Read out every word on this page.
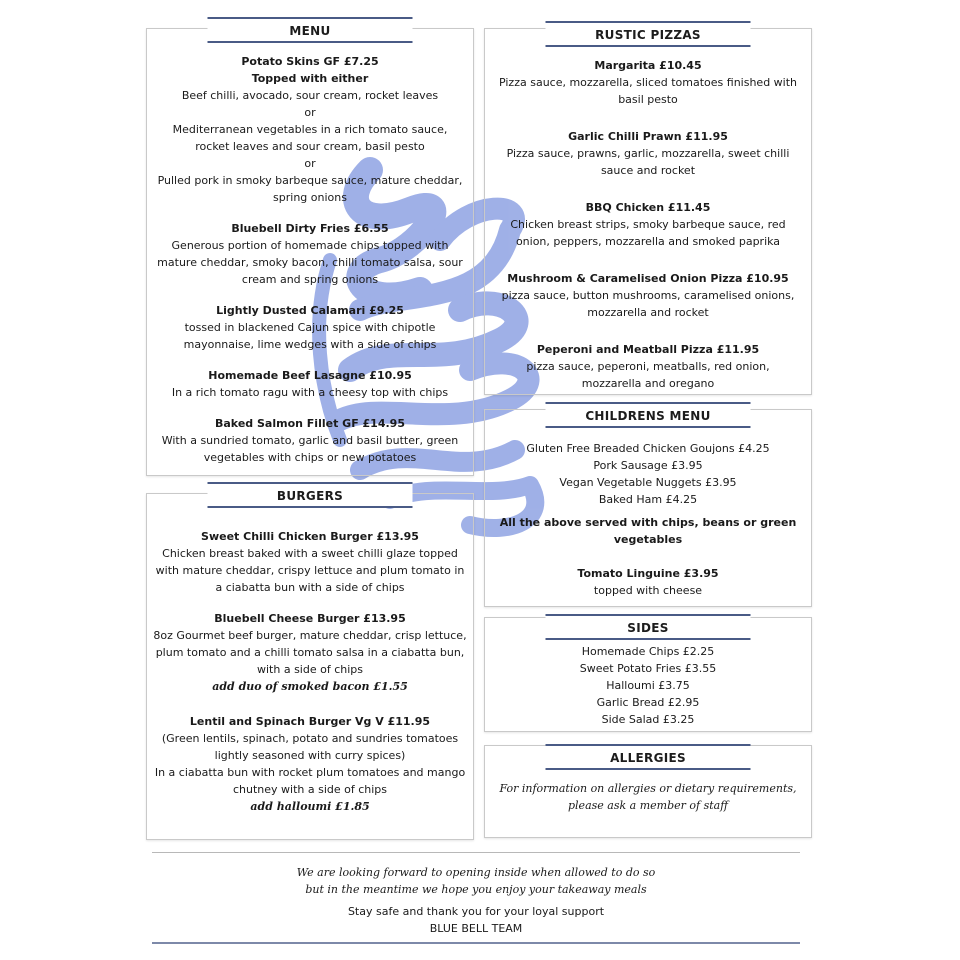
MENU
Potato Skins GF £7.25
Topped with either
Beef chilli, avocado, sour cream, rocket leaves
or
Mediterranean vegetables in a rich tomato sauce,
rocket leaves and sour cream, basil pesto
or
Pulled pork in smoky barbeque sauce, mature cheddar,
spring onions
Bluebell Dirty Fries £6.55
Generous portion of homemade chips topped with
mature cheddar, smoky bacon, chilli tomato salsa, sour
cream and spring onions
Lightly Dusted Calamari £9.25
tossed in blackened Cajun spice with chipotle
mayonnaise, lime wedges with a side of chips
Homemade Beef Lasagne £10.95
In a rich tomato ragu with a cheesy top with chips
Baked Salmon Fillet GF £14.95
With a sundried tomato, garlic and basil butter, green
vegetables with chips or new potatoes
BURGERS
Sweet Chilli Chicken Burger £13.95
Chicken breast baked with a sweet chilli glaze topped
with mature cheddar, crispy lettuce and plum tomato in
a ciabatta bun with a side of chips
Bluebell Cheese Burger £13.95
8oz Gourmet beef burger, mature cheddar, crisp lettuce,
plum tomato and a chilli tomato salsa in a ciabatta bun,
with a side of chips
add duo of smoked bacon £1.55
Lentil and Spinach Burger Vg V £11.95
(Green lentils, spinach, potato and sundries tomatoes
lightly seasoned with curry spices)
In a ciabatta bun with rocket plum tomatoes and mango
chutney with a side of chips
add halloumi £1.85
RUSTIC PIZZAS
Margarita £10.45
Pizza sauce, mozzarella, sliced tomatoes finished with
basil pesto
Garlic Chilli Prawn £11.95
Pizza sauce, prawns, garlic, mozzarella, sweet chilli
sauce and rocket
BBQ Chicken £11.45
Chicken breast strips, smoky barbeque sauce, red
onion, peppers, mozzarella and smoked paprika
Mushroom & Caramelised Onion Pizza £10.95
pizza sauce, button mushrooms, caramelised onions,
mozzarella and rocket
Peperoni and Meatball Pizza £11.95
pizza sauce, peperoni, meatballs, red onion,
mozzarella and oregano
CHILDRENS MENU
Gluten Free Breaded Chicken Goujons £4.25
Pork Sausage £3.95
Vegan Vegetable Nuggets £3.95
Baked Ham £4.25
All the above served with chips, beans or green
vegetables
Tomato Linguine £3.95
topped with cheese
SIDES
Homemade Chips £2.25
Sweet Potato Fries £3.55
Halloumi £3.75
Garlic Bread £2.95
Side Salad £3.25
ALLERGIES
For information on allergies or dietary requirements,
please ask a member of staff
We are looking forward to opening inside when allowed to do so
but in the meantime we hope you enjoy your takeaway meals
Stay safe and thank you for your loyal support
BLUE BELL TEAM
